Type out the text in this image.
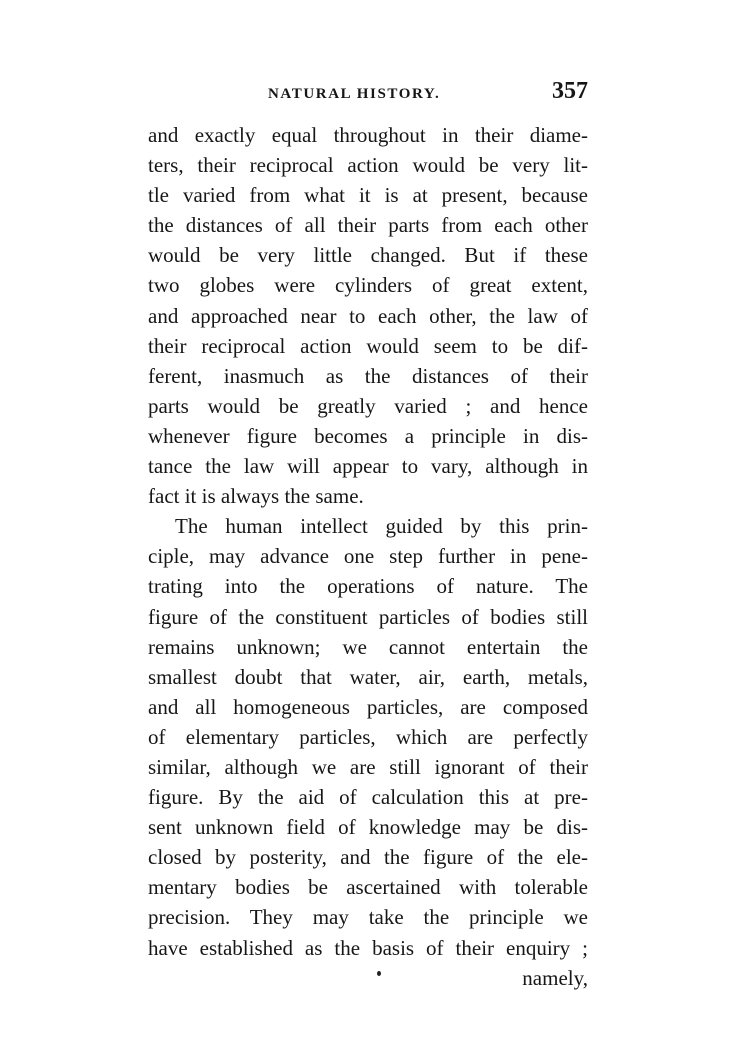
NATURAL HISTORY.	357
and exactly equal throughout in their diame-
ters, their reciprocal action would be very lit-
tle varied from what it is at present, because
the distances of all their parts from each other
would be very little changed. But if these
two globes were cylinders of great extent,
and approached near to each other, the law of
their reciprocal action would seem to be dif-
ferent, inasmuch as the distances of their
parts would be greatly varied ; and hence
whenever figure becomes a principle in dis-
tance the law will appear to vary, although in
fact it is always the same.
The human intellect guided by this prin-
ciple, may advance one step further in pene-
trating into the operations of nature. The
figure of the constituent particles of bodies still
remains unknown; we cannot entertain the
smallest doubt that water, air, earth, metals,
and all homogeneous particles, are composed
of elementary particles, which are perfectly
similar, although we are still ignorant of their
figure. By the aid of calculation this at pre-
sent unknown field of knowledge may be dis-
closed by posterity, and the figure of the ele-
mentary bodies be ascertained with tolerable
precision. They may take the principle we
have established as the basis of their enquiry ;
namely,
